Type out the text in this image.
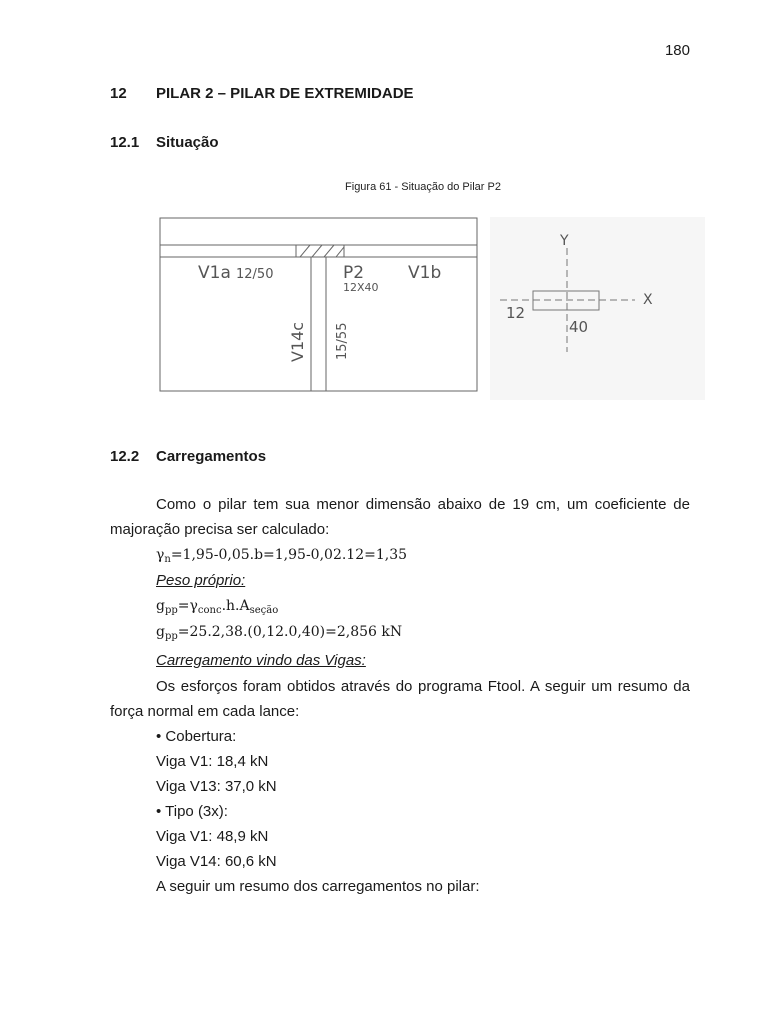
180
12 PILAR 2 – PILAR DE EXTREMIDADE
12.1 Situação
Figura 61 - Situação do Pilar P2
V1a 12/50	P2
12X40
V1b
V14c 15/55
Y
X
12
40
12.2 Carregamentos
Como o pilar tem sua menor dimensão abaixo de 19 cm, um coeficiente de majoração precisa ser calculado:
$\gamma_n=1,95-0,05.b=1,95-0,02.12=1,35$
Peso próprio:
$g_{pp}=\gamma_{conc}.h.A_{seção}$
$g_{pp}=25.2,38.(0,12.0,40)=2,856$ kN
Carregamento vindo das Vigas:
Os esforços foram obtidos através do programa Ftool. A seguir um resumo da força normal em cada lance:
• Cobertura:
Viga V1: 18,4 kN
Viga V13: 37,0 kN
• Tipo (3x):
Viga V1: 48,9 kN
Viga V14: 60,6 kN
A seguir um resumo dos carregamentos no pilar:
